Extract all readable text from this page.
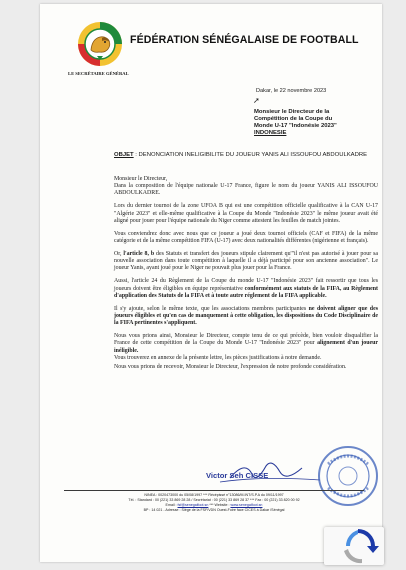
FÉDÉRATION SÉNÉGALAISE DE FOOTBALL
LE SECRÉTAIRE GÉNÉRAL
Dakar, le 22 novembre 2023
➚
Monsieur le Directeur de la
Compétition de la Coupe du
Monde U-17 "Indonésie 2023"
INDONESIE
OBJET : DENONCIATION INELIGIBILITE DU JOUEUR YANIS ALI ISSOUFOU ABDOULKADRE

Monsieur le Directeur,
Dans la composition de l'équipe nationale U-17 France, figure le nom du joueur YANIS ALI ISSOUFOU ABDOULKADRE.

Lors du dernier tournoi de la zone UFOA B qui est une compétition officielle qualificative à la CAN U-17 "Algérie 2023" et elle-même qualificative à la Coupe du Monde "Indonésie 2023" le même joueur avait été aligné pour jouer pour l'équipe nationale du Niger comme attestent les feuilles de match jointes.

Vous conviendrez donc avec nous que ce joueur a joué deux tournoi officiels (CAF et FIFA) de la même catégorie et de la même compétition FIFA (U-17) avec deux nationalités différentes (nigérienne et français).

Or, l'article 8, b des Statuts et transfert des joueurs stipule clairement qu'"il n'est pas autorisé à jouer pour sa nouvelle association dans toute compétition à laquelle il a déjà participé pour son ancienne association". Le joueur Yanis, ayant joué pour le Niger ne pouvait plus jouer pour la France.

Aussi, l'article 24 du Règlement de la Coupe du monde U-17 "Indonésie 2023" fait ressortir que tous les joueurs doivent être éligibles en équipe représentative conformément aux statuts de la FIFA, au Règlement d'application des Statuts de la FIFA et à toute autre réglement de la FIFA applicable.

Il s'y ajoute, selon le même texte, que les associations membres participantes ne doivent aligner que des joueurs éligibles et qu'en cas de manquement à cette obligation, les dispositions du Code Disciplinaire de la FIFA pertinentes s'appliquent.

Nous vous prions ainsi, Monsieur le Directeur, compte tenu de ce qui précède, bien vouloir disqualifier la France de cette compétition de la Coupe du Monde U-17 "Indonésie 2023" pour alignement d'un joueur inéligible.

Vous trouverez en annexe de la présente lettre, les pièces justifications à notre demande.

Nous vous prions de recevoir, Monsieur le Directeur, l'expression de notre profonde considération.

Victor Seh CISSE
NINEA : 0020473000 du 05/08/1997 *** Récépissé n°13086/M.INT/S.P.A du 09/11/1997
Tél. : Standard : 00 (221) 33 869 28 28 / Secrétariat : 00 (221) 33 869 28 37 *** Fax : 00 (221) 33 820 00 92
Email : fsf@senegalfoot.sn *** Website : www.senegalfoot.sn
BP : 14 021 - Adresse : Siège de la FSF/VDN Ouest-Foire face CICES à Dakar /Sénégal
